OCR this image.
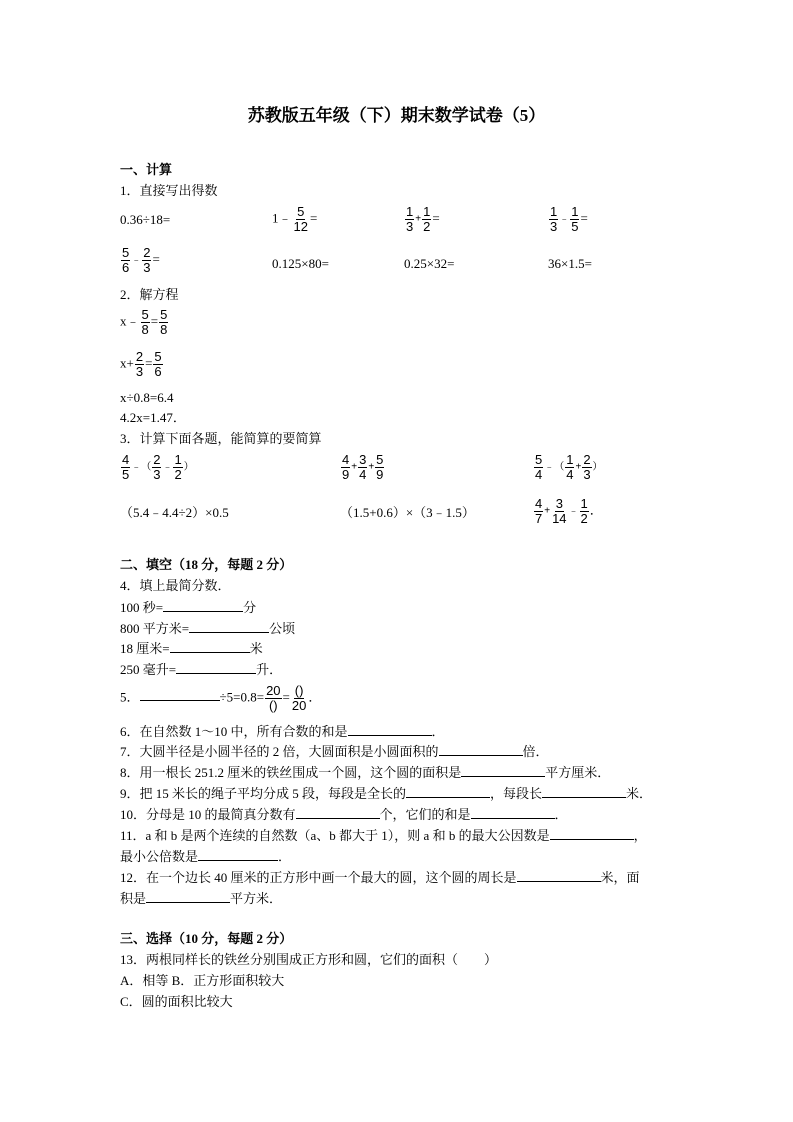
苏教版五年级（下）期末数学试卷（5）
一、计算
1．直接写出得数
0.36÷18=	1﹣ $\frac{5}{12}$ =	$\frac{1}{3} + \frac{1}{2}$ =	$\frac{1}{3}$ ﹣ $\frac{1}{5}$ =
$\frac{5}{6}$ ﹣ $\frac{2}{3}$ =	0.125×80=	0.25×32=	36×1.5=
2．解方程
x﹣ $\frac{5}{8} = \frac{5}{8}$
$x+ \frac{2}{3} = \frac{5}{6}$
x÷0.8=6.4
4.2x=1.47．
3．计算下面各题，能简算的要简算
$\frac{4}{5}$ ﹣（ $\frac{2}{3}$ ﹣ $\frac{1}{2}$ ）	$\frac{4}{9} + \frac{3}{4} + \frac{5}{9}$	$\frac{5}{4}$ ﹣（ $\frac{1}{4} + \frac{2}{3}$ ）
（5.4﹣4.4÷2）×0.5	（1.5+0.6）×（3﹣1.5）	$\frac{4}{7} + \frac{3}{14}$ ﹣ $\frac{1}{2}$ ．
二、填空（18 分，每题 2 分）
4．填上最简分数．
100 秒=	分
800 平方米=	公顷
18 厘米=	米
250 毫升=	升．
5．	$\div 5=0.8= \frac{20}{()} = \frac{()}{20}$ ．
6．在自然数 1～10 中，所有合数的和是	．
7．大圆半径是小圆半径的 2 倍，大圆面积是小圆面积的	倍．
8．用一根长 251.2 厘米的铁丝围成一个圆，这个圆的面积是	平方厘米．
9．把 15 米长的绳子平均分成 5 段，每段是全长的	，每段长	米．
10．分母是 10 的最简真分数有	个，它们的和是	．
11．a 和 b 是两个连续的自然数（a、b 都大于 1），则 a 和 b 的最大公因数是	，
最小公倍数是	．
12．在一个边长 40 厘米的正方形中画一个最大的圆，这个圆的周长是	米，面
积是	平方米．
三、选择（10 分，每题 2 分）
13．两根同样长的铁丝分别围成正方形和圆，它们的面积（　　）
A．相等 B．正方形面积较大
C．圆的面积比较大
